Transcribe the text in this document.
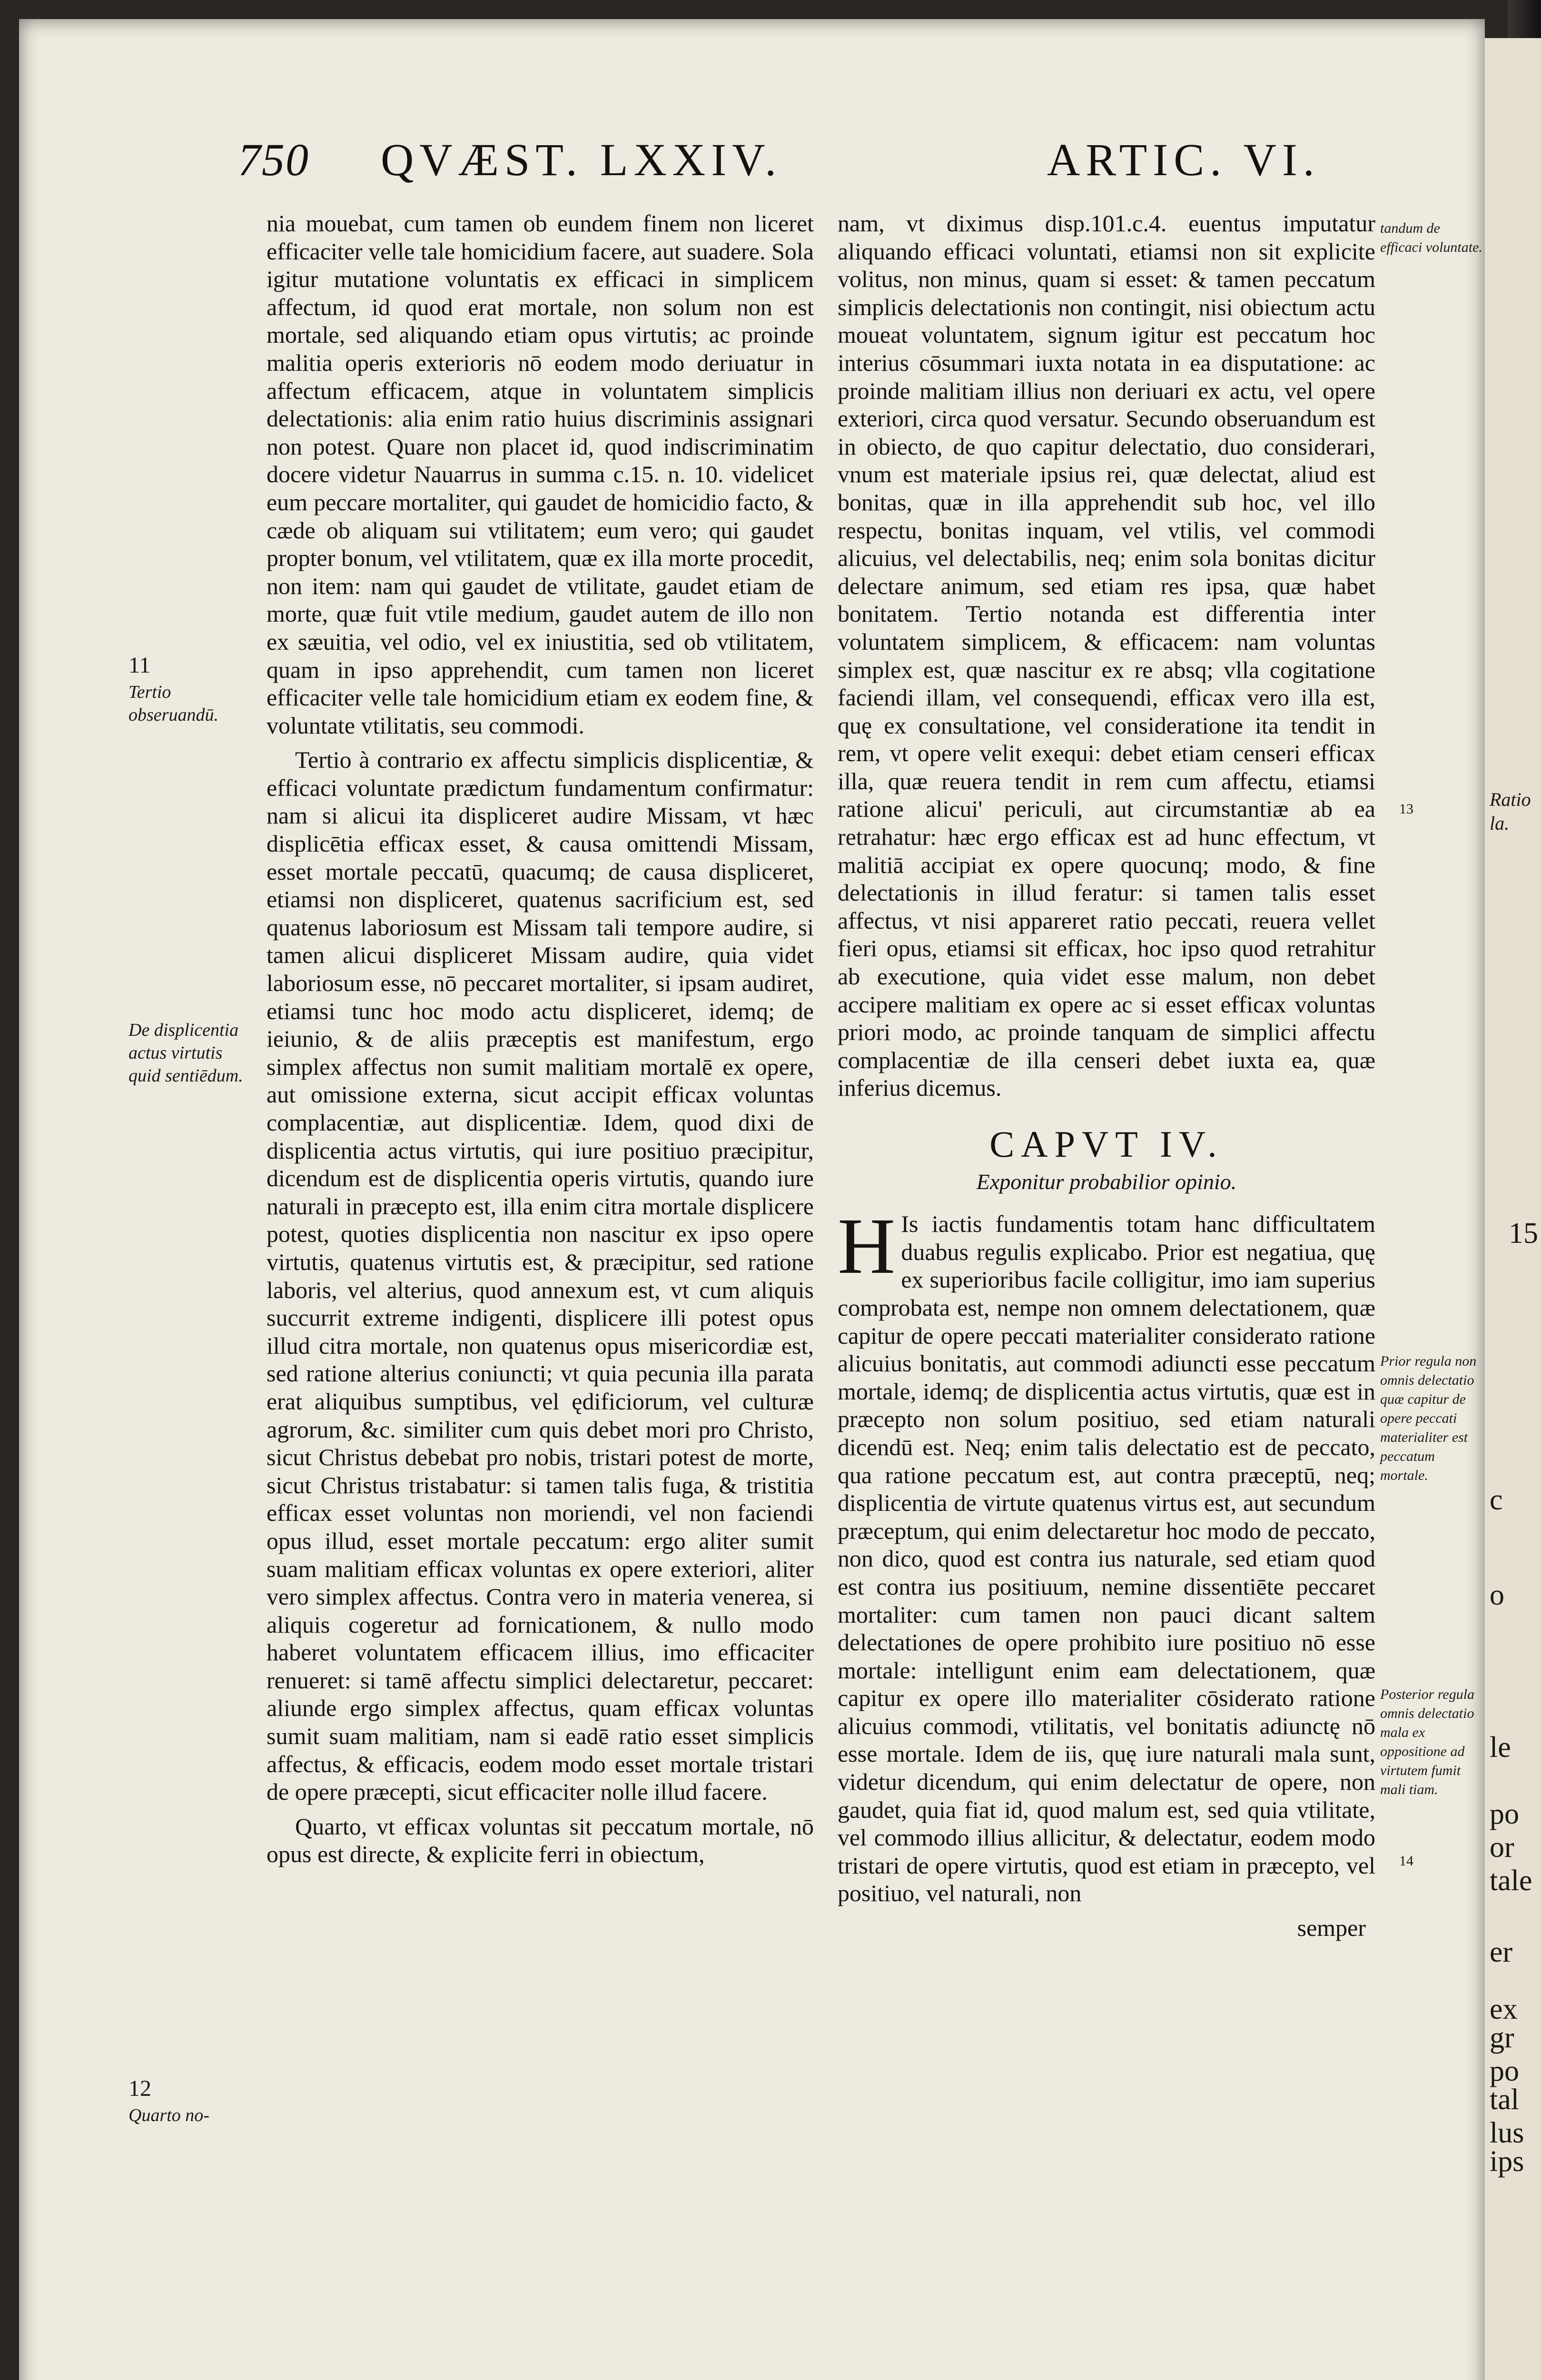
750 QVÆST. LXXIV.	ARTIC. VI.
11
Tertio obseruandū.
De displicentia actus virtutis quid sentiēdum.
12
Quarto no-

nia mouebat, cum tamen ob eundem finem non liceret efficaciter velle tale homicidium facere, aut suadere. Sola igitur mutatione voluntatis ex efficaci in simplicem affectum, id quod erat mortale, non solum non est mortale, sed aliquando etiam opus virtutis; ac proinde malitia operis exterioris nō eodem modo deriuatur in affectum efficacem, atque in voluntatem simplicis delectationis: alia enim ratio huius discriminis assignari non potest. Quare non placet id, quod indiscriminatim docere videtur Nauarrus in summa c.15. n. 10. videlicet eum peccare mortaliter, qui gaudet de homicidio facto, & cæde ob aliquam sui vtilitatem; eum vero; qui gaudet propter bonum, vel vtilitatem, quæ ex illa morte procedit, non item: nam qui gaudet de vtilitate, gaudet etiam de morte, quæ fuit vtile medium, gaudet autem de illo non ex sæuitia, vel odio, vel ex iniustitia, sed ob vtilitatem, quam in ipso apprehendit, cum tamen non liceret efficaciter velle tale homicidium etiam ex eodem fine, & voluntate vtilitatis, seu commodi.

Tertio à contrario ex affectu simplicis displicentiæ, & efficaci voluntate prædictum fundamentum confirmatur: nam si alicui ita displiceret audire Missam, vt hæc displicētia efficax esset, & causa omittendi Missam, esset mortale peccatū, quacumq; de causa displiceret, etiamsi non displiceret, quatenus sacrificium est, sed quatenus laboriosum est Missam tali tempore audire, si tamen alicui displiceret Missam audire, quia videt laboriosum esse, nō peccaret mortaliter, si ipsam audiret, etiamsi tunc hoc modo actu displiceret, idemq; de ieiunio, & de aliis præceptis est manifestum, ergo simplex affectus non sumit malitiam mortalē ex opere, aut omissione externa, sicut accipit efficax voluntas complacentiæ, aut displicentiæ. Idem, quod dixi de displicentia actus virtutis, qui iure positiuo præcipitur, dicendum est de displicentia operis virtutis, quando iure naturali in præcepto est, illa enim citra mortale displicere potest, quoties displicentia non nascitur ex ipso opere virtutis, quatenus virtutis est, & præcipitur, sed ratione laboris, vel alterius, quod annexum est, vt cum aliquis succurrit extreme indigenti, displicere illi potest opus illud citra mortale, non quatenus opus misericordiæ est, sed ratione alterius coniuncti; vt quia pecunia illa parata erat aliquibus sumptibus, vel ędificiorum, vel culturæ agrorum, &c. similiter cum quis debet mori pro Christo, sicut Christus debebat pro nobis, tristari potest de morte, sicut Christus tristabatur: si tamen talis fuga, & tristitia efficax esset voluntas non moriendi, vel non faciendi opus illud, esset mortale peccatum: ergo aliter sumit suam malitiam efficax voluntas ex opere exteriori, aliter vero simplex affectus. Contra vero in materia venerea, si aliquis cogeretur ad fornicationem, & nullo modo haberet voluntatem efficacem illius, imo efficaciter renueret: si tamē affectu simplici delectaretur, peccaret: aliunde ergo simplex affectus, quam efficax voluntas sumit suam malitiam, nam si eadē ratio esset simplicis affectus, & efficacis, eodem modo esset mortale tristari de opere præcepti, sicut efficaciter nolle illud facere.

Quarto, vt efficax voluntas sit peccatum mortale, nō opus est directe, & explicite ferri in obiectum,

nam, vt diximus disp.101.c.4. euentus imputatur aliquando efficaci voluntati, etiamsi non sit explicite volitus, non minus, quam si esset: & tamen peccatum simplicis delectationis non contingit, nisi obiectum actu moueat voluntatem, signum igitur est peccatum hoc interius cōsummari iuxta notata in ea disputatione: ac proinde malitiam illius non deriuari ex actu, vel opere exteriori, circa quod versatur. Secundo obseruandum est in obiecto, de quo capitur delectatio, duo considerari, vnum est materiale ipsius rei, quæ delectat, aliud est bonitas, quæ in illa apprehendit sub hoc, vel illo respectu, bonitas inquam, vel vtilis, vel commodi alicuius, vel delectabilis, neq; enim sola bonitas dicitur delectare animum, sed etiam res ipsa, quæ habet bonitatem. Tertio notanda est differentia inter voluntatem simplicem, & efficacem: nam voluntas simplex est, quæ nascitur ex re absq; vlla cogitatione faciendi illam, vel consequendi, efficax vero illa est, quę ex consultatione, vel consideratione ita tendit in rem, vt opere velit exequi: debet etiam censeri efficax illa, quæ reuera tendit in rem cum affectu, etiamsi ratione alicui' periculi, aut circumstantiæ ab ea retrahatur: hæc ergo efficax est ad hunc effectum, vt malitiā accipiat ex opere quocunq; modo, & fine delectationis in illud feratur: si tamen talis esset affectus, vt nisi appareret ratio peccati, reuera vellet fieri opus, etiamsi sit efficax, hoc ipso quod retrahitur ab executione, quia videt esse malum, non debet accipere malitiam ex opere ac si esset efficax voluntas priori modo, ac proinde tanquam de simplici affectu complacentiæ de illa censeri debet iuxta ea, quæ inferius dicemus.

CAPVT IV.
Exponitur probabilior opinio.

H Is iactis fundamentis totam hanc difficultatem duabus regulis explicabo. Prior est negatiua, quę ex superioribus facile colligitur, imo iam superius comprobata est, nempe non omnem delectationem, quæ capitur de opere peccati materialiter considerato ratione alicuius bonitatis, aut commodi adiuncti esse peccatum mortale, idemq; de displicentia actus virtutis, quæ est in præcepto non solum positiuo, sed etiam naturali dicendū est. Neq; enim talis delectatio est de peccato, qua ratione peccatum est, aut contra præceptū, neq; displicentia de virtute quatenus virtus est, aut secundum præceptum, qui enim delectaretur hoc modo de peccato, non dico, quod est contra ius naturale, sed etiam quod est contra ius positiuum, nemine dissentiēte peccaret mortaliter: cum tamen non pauci dicant saltem delectationes de opere prohibito iure positiuo nō esse mortale: intelligunt enim eam delectationem, quæ capitur ex opere illo materialiter cōsiderato ratione alicuius commodi, vtilitatis, vel bonitatis adiunctę nō esse mortale. Idem de iis, quę iure naturali mala sunt, videtur dicendum, qui enim delectatur de opere, non gaudet, quia fiat id, quod malum est, sed quia vtilitate, vel commodo illius allicitur, & delectatur, eodem modo tristari de opere virtutis, quod est etiam in præcepto, vel positiuo, vel naturali, non

semper

tandum de efficaci voluntate.
13
Prior regula non omnis delectatio quæ capitur de opere peccati materialiter est peccatum mortale.
Posterior regula omnis delectatio mala ex oppositione ad virtutem fumit mali tiam.
14
Ratio
la.
15
c
o
le
po
or
tale
er
ex
gr
po
tal
lus
ips
